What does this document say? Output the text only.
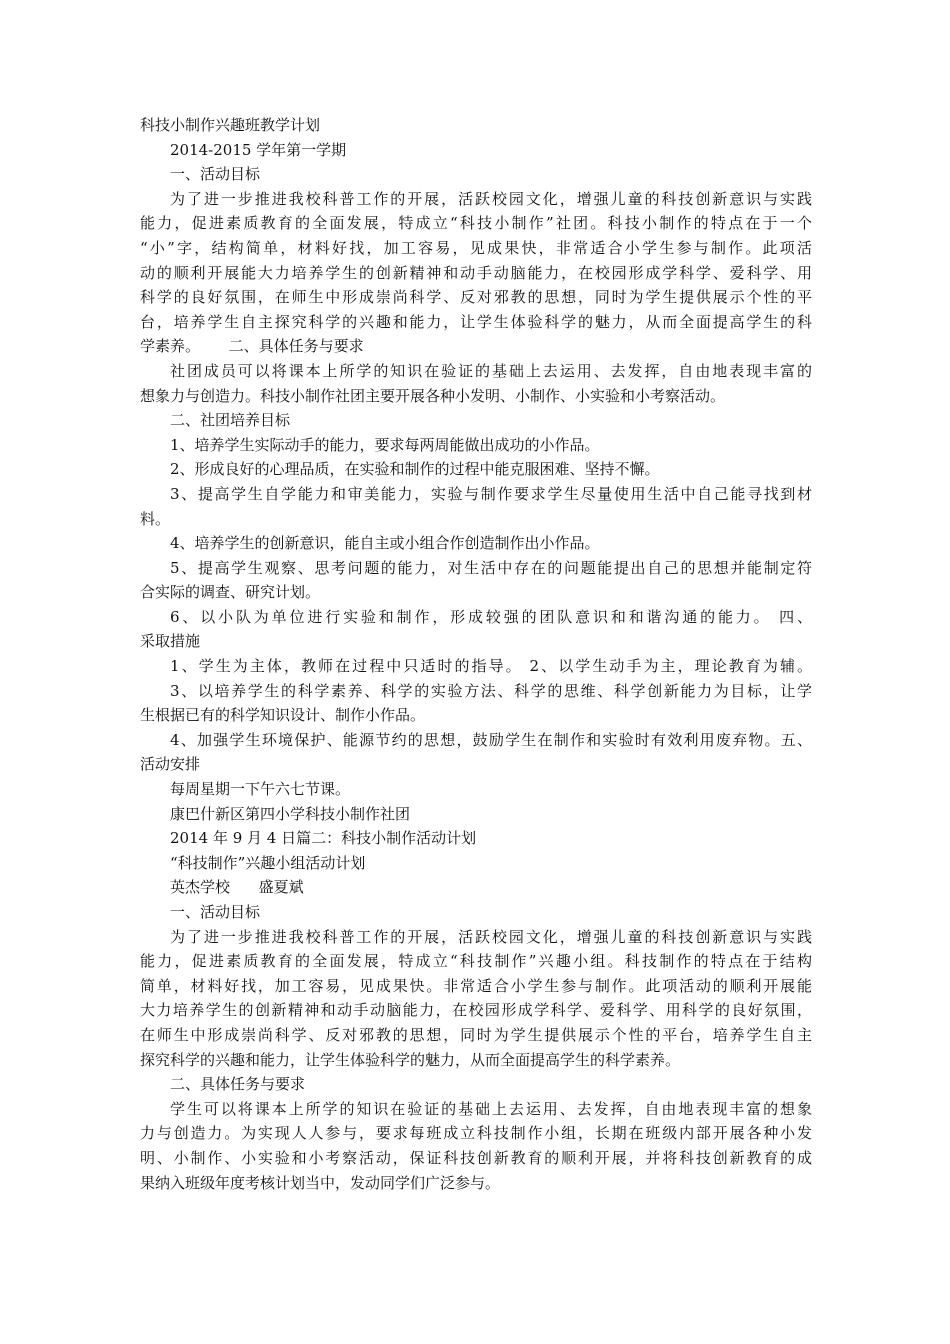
科技小制作兴趣班教学计划

2014-2015 学年第一学期

一、活动目标

为了进一步推进我校科普工作的开展，活跃校园文化，增强儿童的科技创新意识与实践

能力，促进素质教育的全面发展，特成立“科技小制作”社团。科技小制作的特点在于一个

“小”字，结构简单，材料好找，加工容易，见成果快，非常适合小学生参与制作。此项活

动的顺利开展能大力培养学生的创新精神和动手动脑能力，在校园形成学科学、爱科学、用

科学的良好氛围，在师生中形成崇尚科学、反对邪教的思想，同时为学生提供展示个性的平

台，培养学生自主探究科学的兴趣和能力，让学生体验科学的魅力，从而全面提高学生的科

学素养。      二、具体任务与要求

社团成员可以将课本上所学的知识在验证的基础上去运用、去发挥，自由地表现丰富的

想象力与创造力。科技小制作社团主要开展各种小发明、小制作、小实验和小考察活动。

二、社团培养目标

1、培养学生实际动手的能力，要求每两周能做出成功的小作品。

2、形成良好的心理品质，在实验和制作的过程中能克服困难、坚持不懈。

3、提高学生自学能力和审美能力，实验与制作要求学生尽量使用生活中自己能寻找到材

料。

4、培养学生的创新意识，能自主或小组合作创造制作出小作品。

5、提高学生观察、思考问题的能力，对生活中存在的问题能提出自己的思想并能制定符

合实际的调查、研究计划。

6、以小队为单位进行实验和制作，形成较强的团队意识和和谐沟通的能力。 四、

采取措施

1、学生为主体，教师在过程中只适时的指导。 2、以学生动手为主，理论教育为辅。

3、以培养学生的科学素养、科学的实验方法、科学的思维、科学创新能力为目标，让学

生根据已有的科学知识设计、制作小作品。

4、加强学生环境保护、能源节约的思想，鼓励学生在制作和实验时有效利用废弃物。五、

活动安排

每周星期一下午六七节课。

康巴什新区第四小学科技小制作社团

2014 年 9 月 4 日篇二：科技小制作活动计划

“科技制作”兴趣小组活动计划

英杰学校      盛夏斌

一、活动目标

为了进一步推进我校科普工作的开展，活跃校园文化，增强儿童的科技创新意识与实践

能力，促进素质教育的全面发展，特成立“科技制作”兴趣小组。科技制作的特点在于结构

简单，材料好找，加工容易，见成果快。非常适合小学生参与制作。此项活动的顺利开展能

大力培养学生的创新精神和动手动脑能力，在校园形成学科学、爱科学、用科学的良好氛围，

在师生中形成崇尚科学、反对邪教的思想，同时为学生提供展示个性的平台，培养学生自主

探究科学的兴趣和能力，让学生体验科学的魅力，从而全面提高学生的科学素养。

二、具体任务与要求

学生可以将课本上所学的知识在验证的基础上去运用、去发挥，自由地表现丰富的想象

力与创造力。为实现人人参与，要求每班成立科技制作小组，长期在班级内部开展各种小发

明、小制作、小实验和小考察活动，保证科技创新教育的顺利开展，并将科技创新教育的成

果纳入班级年度考核计划当中，发动同学们广泛参与。
